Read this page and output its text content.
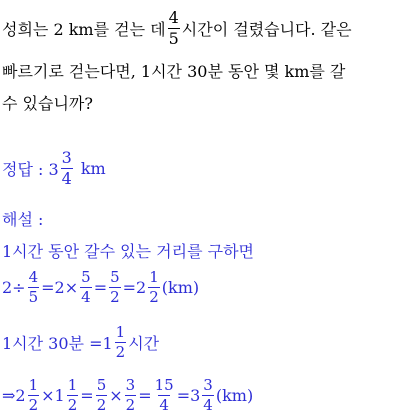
성희는 2 km를 걷는 데 $\frac{4}{5}$ 시간이 걸렸습니다. 같은
빠르기로 걷는다면, 1시간 30분 동안 몇 km를 갈
수 있습니까?
정답 : $3 \frac{3}{4}$ km
해설 :
1시간 동안 갈수 있는 거리를 구하면
$2\div \frac{4}{5} =2\times \frac{5}{4} = \frac{5}{2} =2 \frac{1}{2} (km)$
1시간 30분 $=1 \frac{1}{2}$ 시간
⇒2 $\frac{1}{2} \times 1 \frac{1}{2} = \frac{5}{2} \times \frac{3}{2} = \frac{15}{4} =3 \frac{3}{4} (km)$
